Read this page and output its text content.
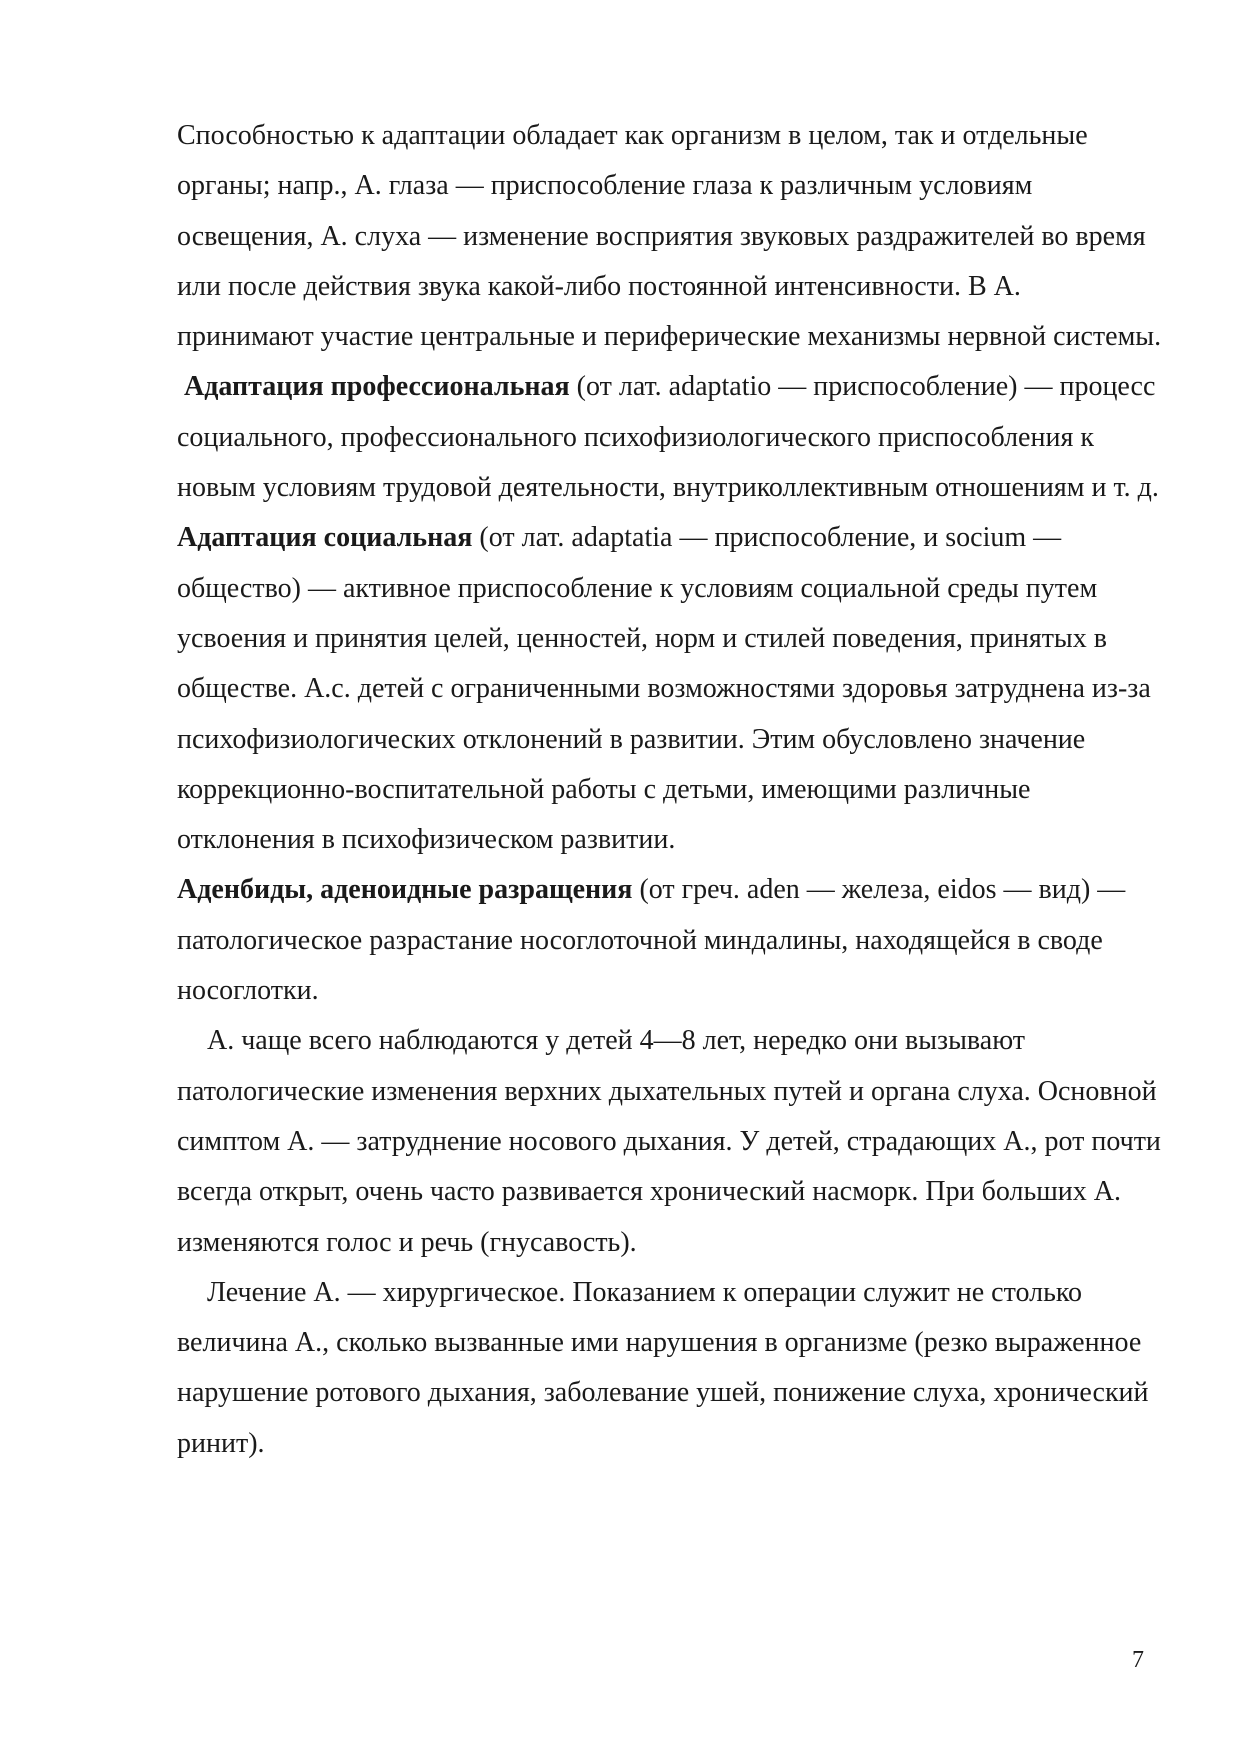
Способностью к адаптации обладает как организм в целом, так и отдельные органы; напр., А. глаза — приспособление глаза к различным условиям освещения, А. слуха — изменение восприятия звуковых раздражителей во время или после действия звука какой-либо постоянной интенсивности. В А. принимают участие центральные и периферические механизмы нервной системы.

Адаптация профессиональная (от лат. adaptatio — приспособление) — процесс социального, профессионального психофизиологического приспособления к новым условиям трудовой деятельности, внутриколлективным отношениям и т. д.

Адаптация социальная (от лат. adaptatia — приспособление, и socium — общество) — активное приспособление к условиям социальной среды путем усвоения и принятия целей, ценностей, норм и стилей поведения, принятых в обществе. А.с. детей с ограниченными возможностями здоровья затруднена из-за психофизиологических отклонений в развитии. Этим обусловлено значение коррекционно-воспитательной работы с детьми, имеющими различные отклонения в психофизическом развитии.

Аденбиды, аденоидные разращения (от греч. aden — железа, eidos — вид) — патологическое разрастание носоглоточной миндалины, находящейся в своде носоглотки.

А. чаще всего наблюдаются у детей 4—8 лет, нередко они вызывают патологические изменения верхних дыхательных путей и органа слуха. Основной симптом А. — затруднение носового дыхания. У детей, страдающих А., рот почти всегда открыт, очень часто развивается хронический насморк. При больших А. изменяются голос и речь (гнусавость).

Лечение А. — хирургическое. Показанием к операции служит не столько величина А., сколько вызванные ими нарушения в организме (резко выраженное нарушение ротового дыхания, заболевание ушей, понижение слуха, хронический ринит).

7
